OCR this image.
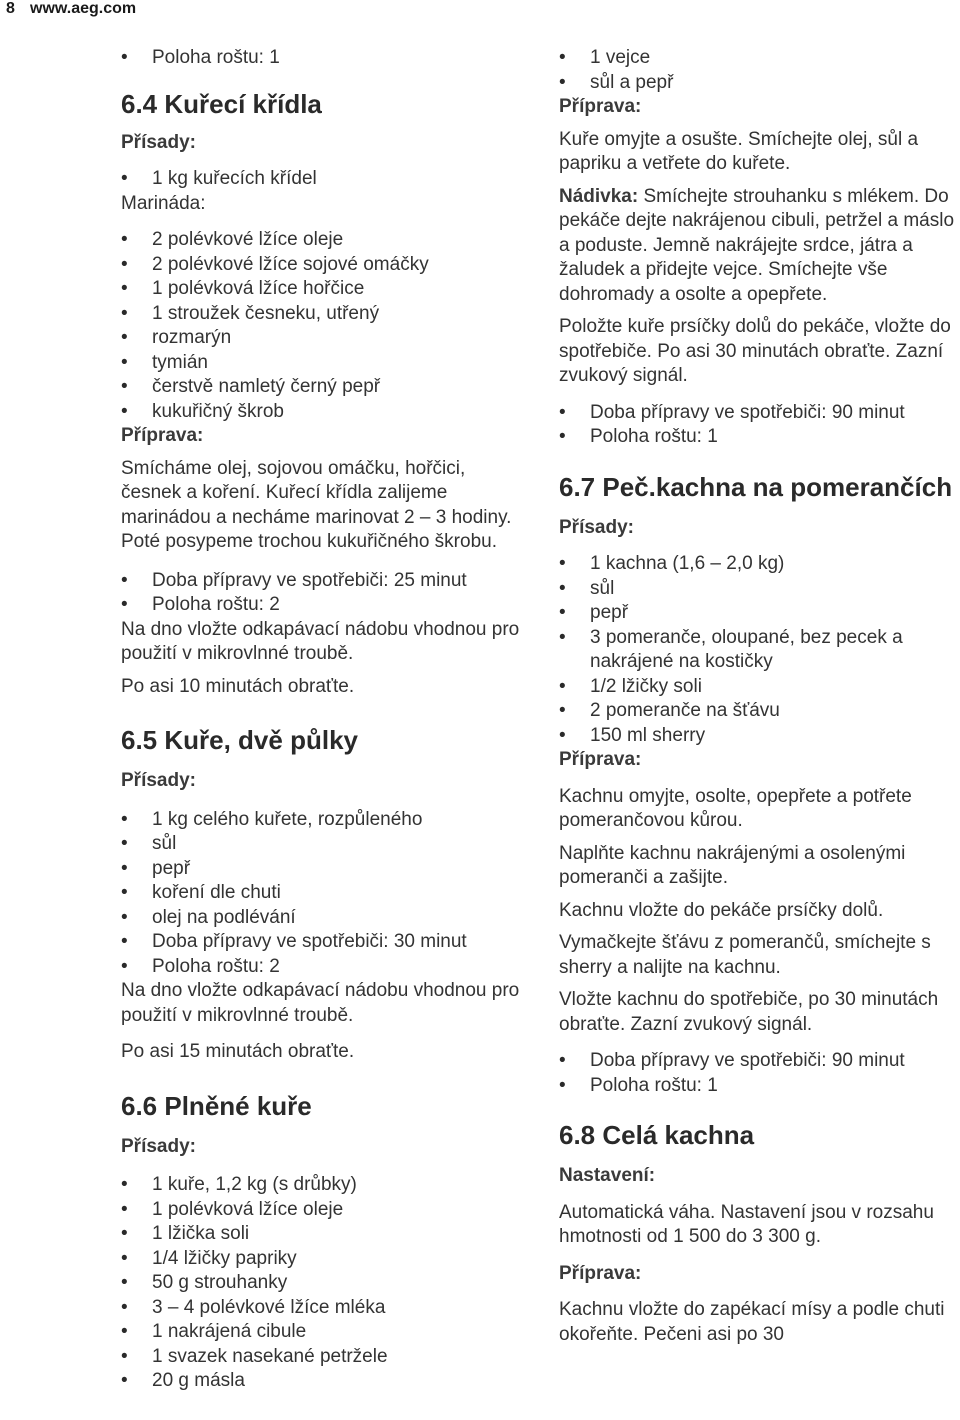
8 www.aeg.com
• Poloha roštu: 1
6.4 Kuřecí křídla
Přísady:
• 1 kg kuřecích křídel
Marináda:
• 2 polévkové lžíce oleje
• 2 polévkové lžíce sojové omáčky
• 1 polévková lžíce hořčice
• 1 stroužek česneku, utřený
• rozmarýn
• tymián
• čerstvě namletý černý pepř
• kukuřičný škrob
Příprava:

Smícháme olej, sojovou omáčku, hořčici, česnek a koření. Kuřecí křídla zalijeme marinádou a necháme marinovat 2 – 3 hodiny. Poté posypeme trochou kukuřičného škrobu.

• Doba přípravy ve spotřebiči: 25 minut
• Poloha roštu: 2

Na dno vložte odkapávací nádobu vhodnou pro použití v mikrovlnné troubě.

Po asi 10 minutách obraťte.

6.5 Kuře, dvě půlky
Přísady:
• 1 kg celého kuřete, rozpůleného
• sůl
• pepř
• koření dle chuti
• olej na podlévání
• Doba přípravy ve spotřebiči: 30 minut
• Poloha roštu: 2

Na dno vložte odkapávací nádobu vhodnou pro použití v mikrovlnné troubě.

Po asi 15 minutách obraťte.

6.6 Plněné kuře
Přísady:
• 1 kuře, 1,2 kg (s drůbky)
• 1 polévková lžíce oleje
• 1 lžička soli
• 1/4 lžičky papriky
• 50 g strouhanky
• 3 – 4 polévkové lžíce mléka
• 1 nakrájená cibule
• 1 svazek nasekané petržele
• 20 g másla
• 1 vejce
• sůl a pepř
Příprava:

Kuře omyjte a osušte. Smíchejte olej, sůl a papriku a vetřete do kuřete.

Nádivka: Smíchejte strouhanku s mlékem. Do pekáče dejte nakrájenou cibuli, petržel a máslo a poduste. Jemně nakrájejte srdce, játra a žaludek a přidejte vejce. Smíchejte vše dohromady a osolte a opepřete.

Položte kuře prsíčky dolů do pekáče, vložte do spotřebiče. Po asi 30 minutách obraťte. Zazní zvukový signál.

• Doba přípravy ve spotřebiči: 90 minut
• Poloha roštu: 1
6.7 Peč.kachna na pomerančích
Přísady:
• 1 kachna (1,6 – 2,0 kg)
• sůl
• pepř
• 3 pomeranče, oloupané, bez pecek a nakrájené na kostičky
• 1/2 lžičky soli
• 2 pomeranče na šťávu
• 150 ml sherry
Příprava:

Kachnu omyjte, osolte, opepřete a potřete pomerančovou kůrou.

Naplňte kachnu nakrájenými a osolenými pomeranči a zašijte.

Kachnu vložte do pekáče prsíčky dolů.

Vymačkejte šťávu z pomerančů, smíchejte s sherry a nalijte na kachnu.

Vložte kachnu do spotřebiče, po 30 minutách obraťte. Zazní zvukový signál.

• Doba přípravy ve spotřebiči: 90 minut
• Poloha roštu: 1
6.8 Celá kachna
Nastavení:

Automatická váha. Nastavení jsou v rozsahu hmotnosti od 1 500 do 3 300 g.

Příprava:

Kachnu vložte do zapékací mísy a podle chuti okořeňte. Pečeni asi po 30
